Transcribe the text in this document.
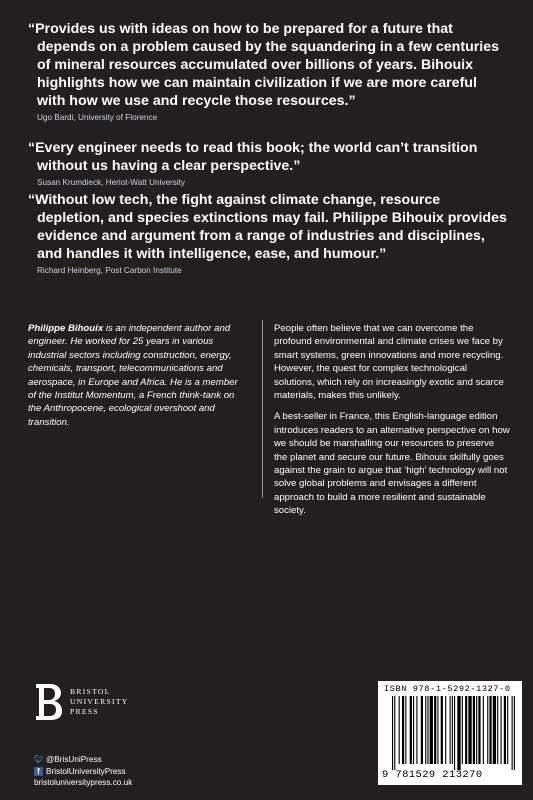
“Provides us with ideas on how to be prepared for a future that depends on a problem caused by the squandering in a few centuries of mineral resources accumulated over billions of years. Bihouix highlights how we can maintain civilization if we are more careful with how we use and recycle those resources.”

Ugo Bardi, University of Florence

“Every engineer needs to read this book; the world can’t transition without us having a clear perspective.”

Susan Krumdieck, Heriot-Watt University

“Without low tech, the fight against climate change, resource depletion, and species extinctions may fail. Philippe Bihouix provides evidence and argument from a range of industries and disciplines, and handles it with intelligence, ease, and humour.”

Richard Heinberg, Post Carbon Institute

Philippe Bihouix is an independent author and engineer. He worked for 25 years in various industrial sectors including construction, energy, chemicals, transport, telecommunications and aerospace, in Europe and Africa. He is a member of the Institut Momentum, a French think-tank on the Anthropocene, ecological overshoot and transition.

People often believe that we can overcome the profound environmental and climate crises we face by smart systems, green innovations and more recycling. However, the quest for complex technological solutions, which rely on increasingly exotic and scarce materials, makes this unlikely.

A best-seller in France, this English-language edition introduces readers to an alternative perspective on how we should be marshalling our resources to preserve the planet and secure our future. Bihouix skilfully goes against the grain to argue that ‘high’ technology will not solve global problems and envisages a different approach to build a more resilient and sustainable society.

BRISTOL
UNIVERSITY
PRESS
🐦︎ @BrisUniPress
f BristolUniversityPress
bristoluniversitypress.co.uk
ISBN 978-1-5292-1327-0
9 781529 213270
